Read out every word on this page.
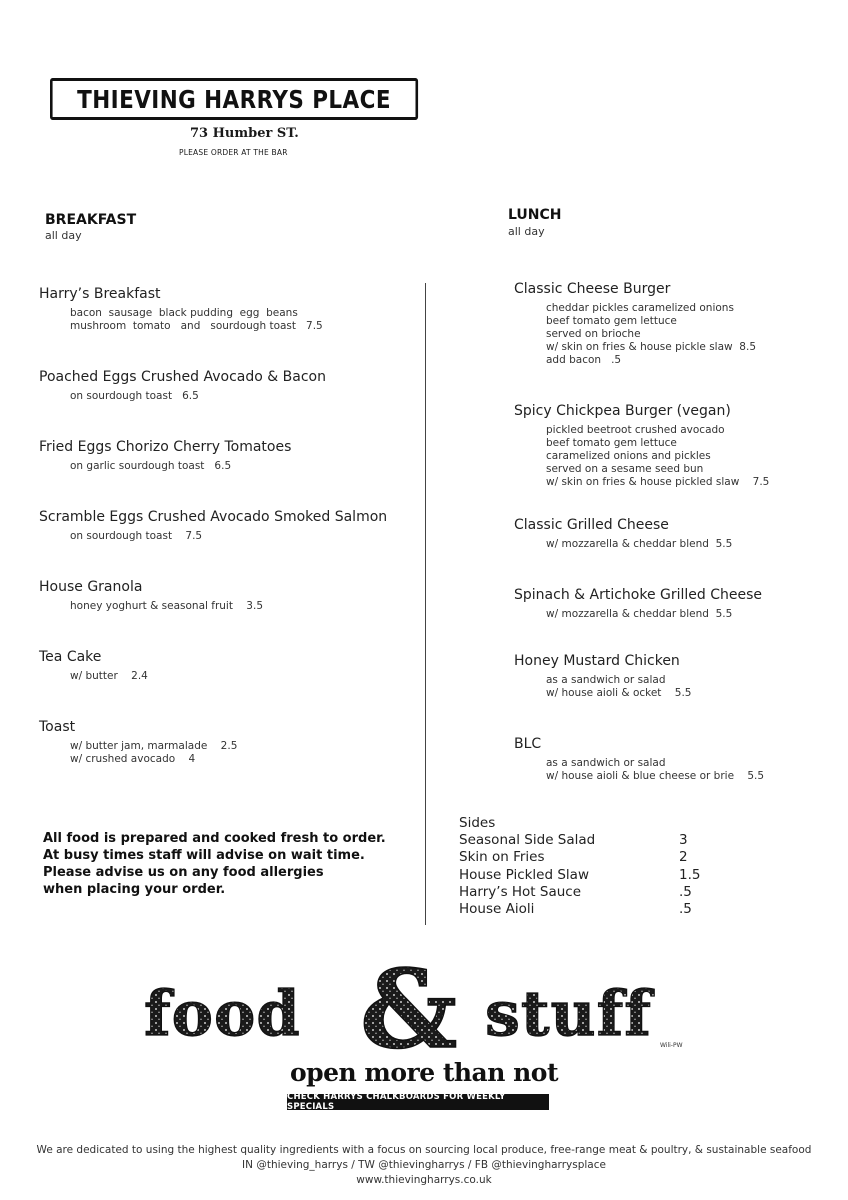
THIEVING HARRYS PLACE
73 Humber ST.
PLEASE ORDER AT THE BAR
BREAKFAST
all day
Harry’s Breakfast
bacon  sausage  black pudding  egg  beans
mushroom  tomato   and   sourdough toast   7.5
Poached Eggs Crushed Avocado & Bacon
on sourdough toast   6.5
Fried Eggs Chorizo Cherry Tomatoes
on garlic sourdough toast   6.5
Scramble Eggs Crushed Avocado Smoked Salmon
on sourdough toast    7.5
House Granola
honey yoghurt & seasonal fruit    3.5
Tea Cake
w/ butter    2.4
Toast
w/ butter jam, marmalade    2.5
w/ crushed avocado    4
LUNCH
all day
Classic Cheese Burger
cheddar pickles caramelized onions
beef tomato gem lettuce
served on brioche
w/ skin on fries & house pickle slaw  8.5
add bacon   .5
Spicy Chickpea Burger (vegan)
pickled beetroot crushed avocado
beef tomato gem lettuce
caramelized onions and pickles
served on a sesame seed bun
w/ skin on fries & house pickled slaw    7.5
Classic Grilled Cheese
w/ mozzarella & cheddar blend  5.5
Spinach & Artichoke Grilled Cheese
w/ mozzarella & cheddar blend  5.5
Honey Mustard Chicken
as a sandwich or salad
w/ house aioli & ocket    5.5
BLC
as a sandwich or salad
w/ house aioli & blue cheese or brie    5.5
All food is prepared and cooked fresh to order.
At busy times staff will advise on wait time.
Please advise us on any food allergies
when placing your order.
Sides
Seasonal Side Salad	3
Skin on Fries	2
House Pickled Slaw	1.5
Harry’s Hot Sauce	.5
House Aioli	.5
food & stuff	Wili-PW
open more than not
CHECK HARRYS CHALKBOARDS FOR WEEKLY SPECIALS
We are dedicated to using the highest quality ingredients with a focus on sourcing local produce, free-range meat & poultry, & sustainable seafood
IN @thieving_harrys / TW @thievingharrys / FB @thievingharrysplace
www.thievingharrys.co.uk
